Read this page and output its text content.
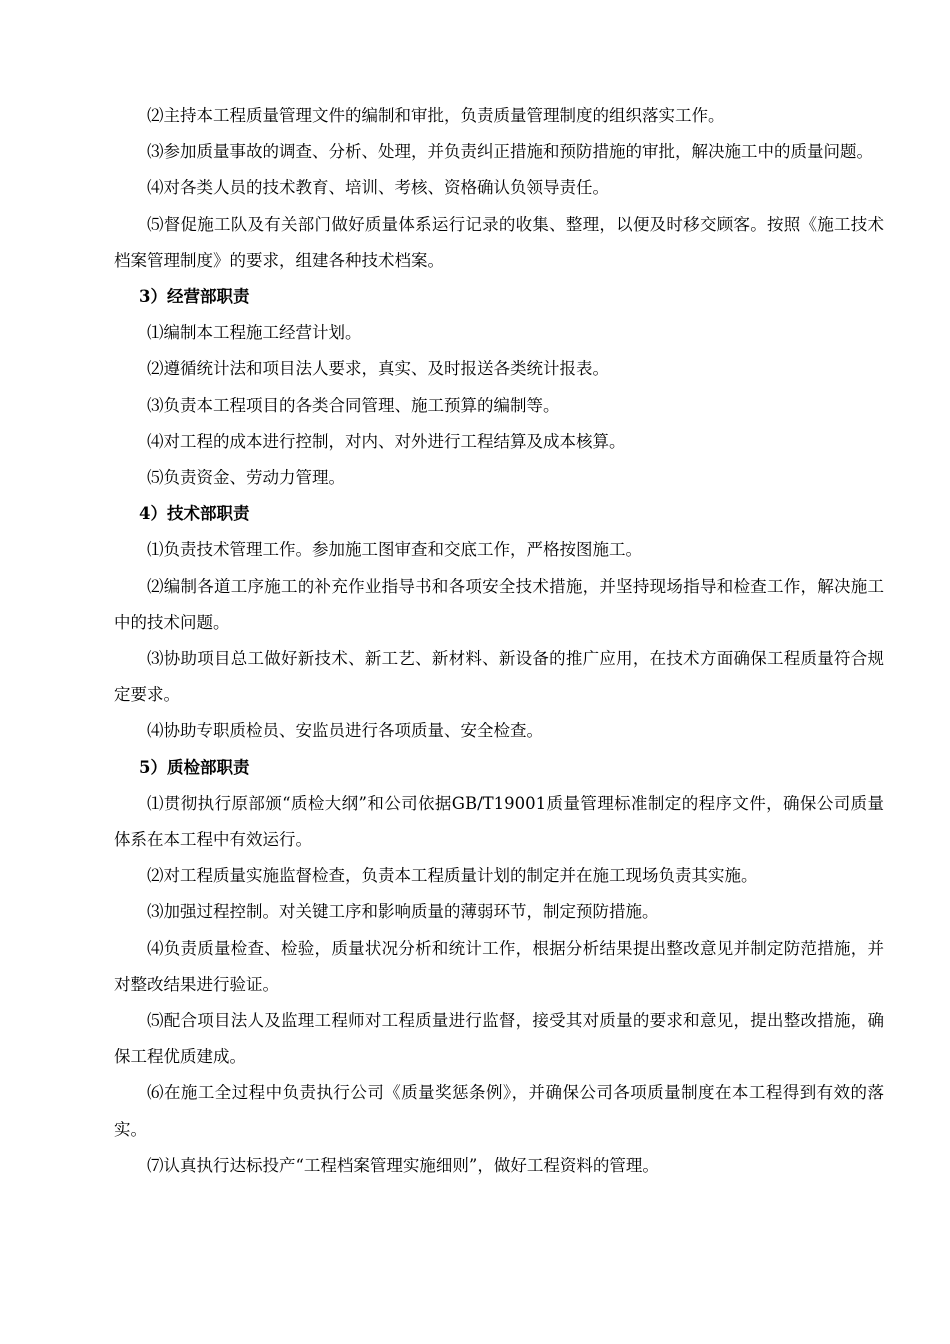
⑵主持本工程质量管理文件的编制和审批，负责质量管理制度的组织落实工作。

⑶参加质量事故的调查、分析、处理，并负责纠正措施和预防措施的审批，解决施工中的质量问题。

⑷对各类人员的技术教育、培训、考核、资格确认负领导责任。

⑸督促施工队及有关部门做好质量体系运行记录的收集、整理，以便及时移交顾客。按照《施工技术档案管理制度》的要求，组建各种技术档案。

3）经营部职责

⑴编制本工程施工经营计划。

⑵遵循统计法和项目法人要求，真实、及时报送各类统计报表。

⑶负责本工程项目的各类合同管理、施工预算的编制等。

⑷对工程的成本进行控制，对内、对外进行工程结算及成本核算。

⑸负责资金、劳动力管理。

4）技术部职责

⑴负责技术管理工作。参加施工图审查和交底工作，严格按图施工。

⑵编制各道工序施工的补充作业指导书和各项安全技术措施，并坚持现场指导和检查工作，解决施工中的技术问题。

⑶协助项目总工做好新技术、新工艺、新材料、新设备的推广应用，在技术方面确保工程质量符合规定要求。

⑷协助专职质检员、安监员进行各项质量、安全检查。

5）质检部职责

⑴贯彻执行原部颁“质检大纲”和公司依据GB/T19001质量管理标准制定的程序文件，确保公司质量体系在本工程中有效运行。

⑵对工程质量实施监督检查，负责本工程质量计划的制定并在施工现场负责其实施。

⑶加强过程控制。对关键工序和影响质量的薄弱环节，制定预防措施。

⑷负责质量检查、检验，质量状况分析和统计工作，根据分析结果提出整改意见并制定防范措施，并对整改结果进行验证。

⑸配合项目法人及监理工程师对工程质量进行监督，接受其对质量的要求和意见，提出整改措施，确保工程优质建成。

⑹在施工全过程中负责执行公司《质量奖惩条例》，并确保公司各项质量制度在本工程得到有效的落实。

⑺认真执行达标投产“工程档案管理实施细则”，做好工程资料的管理。
